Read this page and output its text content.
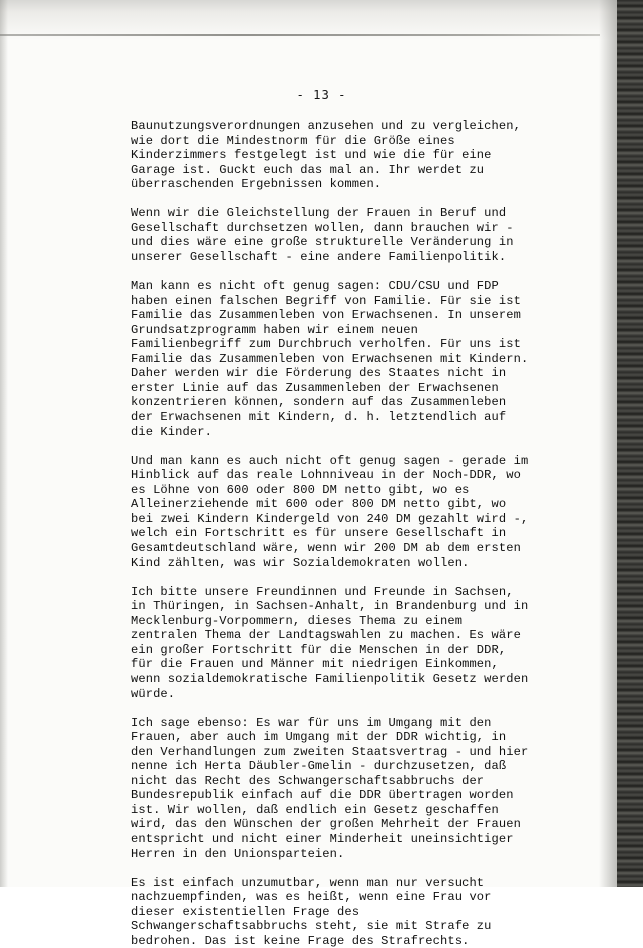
- 13 -
Baunutzungsverordnungen anzusehen und zu vergleichen,
wie dort die Mindestnorm für die Größe eines
Kinderzimmers festgelegt ist und wie die für eine
Garage ist. Guckt euch das mal an. Ihr werdet zu
überraschenden Ergebnissen kommen.
Wenn wir die Gleichstellung der Frauen in Beruf und
Gesellschaft durchsetzen wollen, dann brauchen wir -
und dies wäre eine große strukturelle Veränderung in
unserer Gesellschaft - eine andere Familienpolitik.
Man kann es nicht oft genug sagen: CDU/CSU und FDP
haben einen falschen Begriff von Familie. Für sie ist
Familie das Zusammenleben von Erwachsenen. In unserem
Grundsatzprogramm haben wir einem neuen
Familienbegriff zum Durchbruch verholfen. Für uns ist
Familie das Zusammenleben von Erwachsenen mit Kindern.
Daher werden wir die Förderung des Staates nicht in
erster Linie auf das Zusammenleben der Erwachsenen
konzentrieren können, sondern auf das Zusammenleben
der Erwachsenen mit Kindern, d. h. letztendlich auf
die Kinder.
Und man kann es auch nicht oft genug sagen - gerade im
Hinblick auf das reale Lohnniveau in der Noch-DDR, wo
es Löhne von 600 oder 800 DM netto gibt, wo es
Alleinerziehende mit 600 oder 800 DM netto gibt, wo
bei zwei Kindern Kindergeld von 240 DM gezahlt wird -,
welch ein Fortschritt es für unsere Gesellschaft in
Gesamtdeutschland wäre, wenn wir 200 DM ab dem ersten
Kind zählten, was wir Sozialdemokraten wollen.
Ich bitte unsere Freundinnen und Freunde in Sachsen,
in Thüringen, in Sachsen-Anhalt, in Brandenburg und in
Mecklenburg-Vorpommern, dieses Thema zu einem
zentralen Thema der Landtagswahlen zu machen. Es wäre
ein großer Fortschritt für die Menschen in der DDR,
für die Frauen und Männer mit niedrigen Einkommen,
wenn sozialdemokratische Familienpolitik Gesetz werden
würde.
Ich sage ebenso: Es war für uns im Umgang mit den
Frauen, aber auch im Umgang mit der DDR wichtig, in
den Verhandlungen zum zweiten Staatsvertrag - und hier
nenne ich Herta Däubler-Gmelin - durchzusetzen, daß
nicht das Recht des Schwangerschaftsabbruchs der
Bundesrepublik einfach auf die DDR übertragen worden
ist. Wir wollen, daß endlich ein Gesetz geschaffen
wird, das den Wünschen der großen Mehrheit der Frauen
entspricht und nicht einer Minderheit uneinsichtiger
Herren in den Unionsparteien.
Es ist einfach unzumutbar, wenn man nur versucht
nachzuempfinden, was es heißt, wenn eine Frau vor
dieser existentiellen Frage des
Schwangerschaftsabbruchs steht, sie mit Strafe zu
bedrohen. Das ist keine Frage des Strafrechts.
